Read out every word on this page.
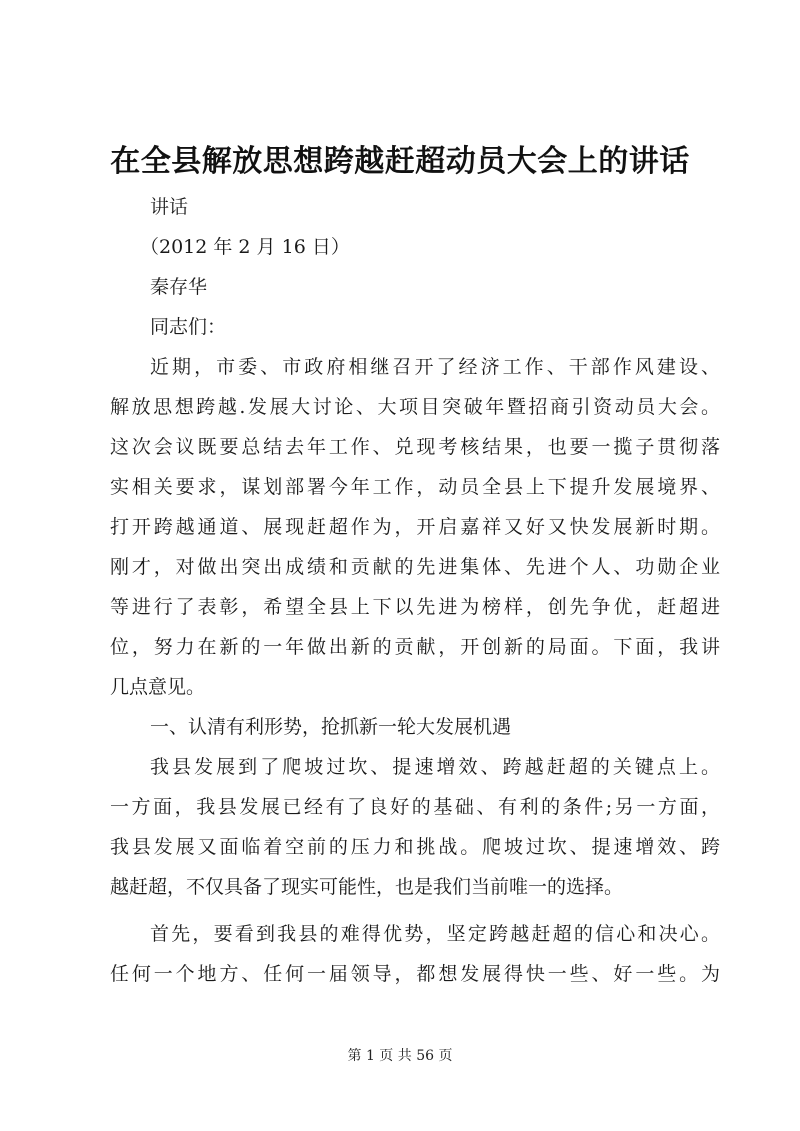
在全县解放思想跨越赶超动员大会上的讲话
讲话
（2012 年 2 月 16 日）
秦存华
同志们：
近期，市委、市政府相继召开了经济工作、干部作风建设、
解放思想跨越.发展大讨论、大项目突破年暨招商引资动员大会。
这次会议既要总结去年工作、兑现考核结果，也要一揽子贯彻落
实相关要求，谋划部署今年工作，动员全县上下提升发展境界、
打开跨越通道、展现赶超作为，开启嘉祥又好又快发展新时期。
刚才，对做出突出成绩和贡献的先进集体、先进个人、功勋企业
等进行了表彰，希望全县上下以先进为榜样，创先争优，赶超进
位，努力在新的一年做出新的贡献，开创新的局面。下面，我讲
几点意见。
一、认清有利形势，抢抓新一轮大发展机遇
我县发展到了爬坡过坎、提速增效、跨越赶超的关键点上。
一方面，我县发展已经有了良好的基础、有利的条件;另一方面，
我县发展又面临着空前的压力和挑战。爬坡过坎、提速增效、跨
越赶超，不仅具备了现实可能性，也是我们当前唯一的选择。
首先，要看到我县的难得优势，坚定跨越赶超的信心和决心。
任何一个地方、任何一届领导，都想发展得快一些、好一些。为
第 1 页 共 56 页
